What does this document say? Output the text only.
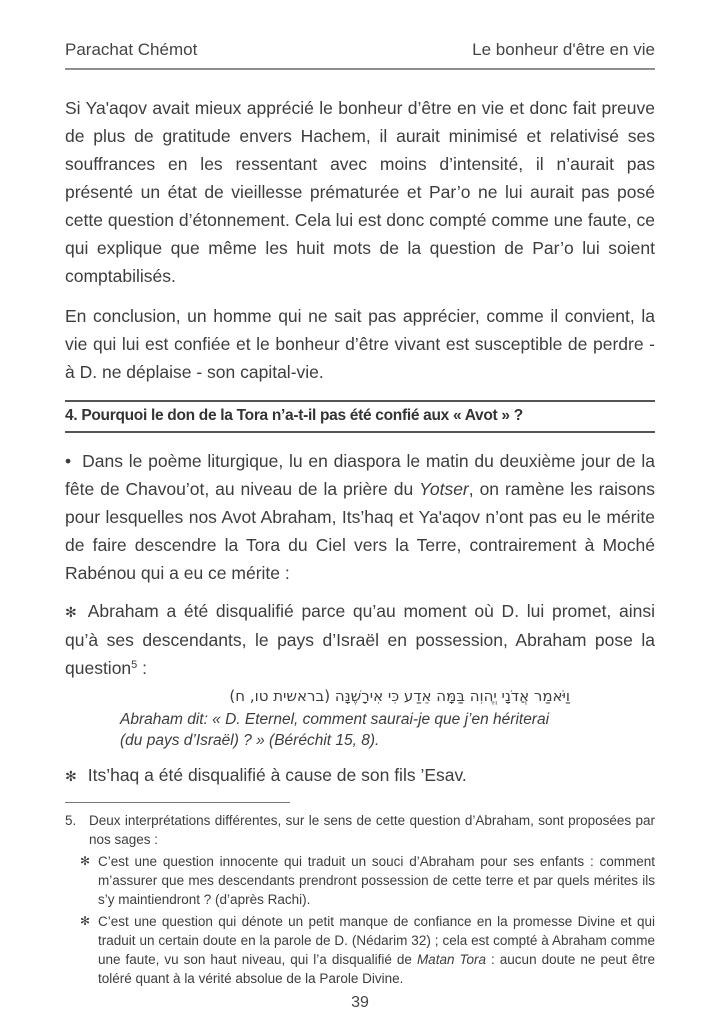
Parachat Chémot	Le bonheur d'être en vie

Si Ya'aqov avait mieux apprécié le bonheur d’être en vie et donc fait preuve de plus de gratitude envers Hachem, il aurait minimisé et relativisé ses souffrances en les ressentant avec moins d’intensité, il n’aurait pas présenté un état de vieillesse prématurée et Par’o ne lui aurait pas posé cette question d’étonnement. Cela lui est donc compté comme une faute, ce qui explique que même les huit mots de la question de Par’o lui soient comptabilisés.

En conclusion, un homme qui ne sait pas apprécier, comme il convient, la vie qui lui est confiée et le bonheur d’être vivant est susceptible de perdre - à D. ne déplaise - son capital-vie.

4. Pourquoi le don de la Tora n’a-t-il pas été confié aux « Avot » ?

• Dans le poème liturgique, lu en diaspora le matin du deuxième jour de la fête de Chavou’ot, au niveau de la prière du Yotser, on ramène les raisons pour lesquelles nos Avot Abraham, Its’haq et Ya'aqov n’ont pas eu le mérite de faire descendre la Tora du Ciel vers la Terre, contrairement à Moché Rabénou qui a eu ce mérite :

✻ Abraham a été disqualifié parce qu’au moment où D. lui promet, ainsi qu’à ses descendants, le pays d’Israël en possession, Abraham pose la question$^5$ :

וַיֹּאמַר אֲדֹנָי יֱהוִה בַּמָּה אֵדַע כִּי אִירָשֶׁנָּה (בראשית טו, ח)
Abraham dit: « D. Eternel, comment saurai-je que j’en hériterai (du pays d’Israël) ? » (Béréchit 15, 8).

✻ Its’haq a été disqualifié à cause de son fils ’Esav.

5. Deux interprétations différentes, sur le sens de cette question d’Abraham, sont proposées par nos sages :
✻ C’est une question innocente qui traduit un souci d’Abraham pour ses enfants : comment m’assurer que mes descendants prendront possession de cette terre et par quels mérites ils s’y maintiendront ? (d’après Rachi).
✻ C’est une question qui dénote un petit manque de confiance en la promesse Divine et qui traduit un certain doute en la parole de D. (Nédarim 32) ; cela est compté à Abraham comme une faute, vu son haut niveau, qui l’a disqualifié de Matan Tora : aucun doute ne peut être toléré quant à la vérité absolue de la Parole Divine.
39
